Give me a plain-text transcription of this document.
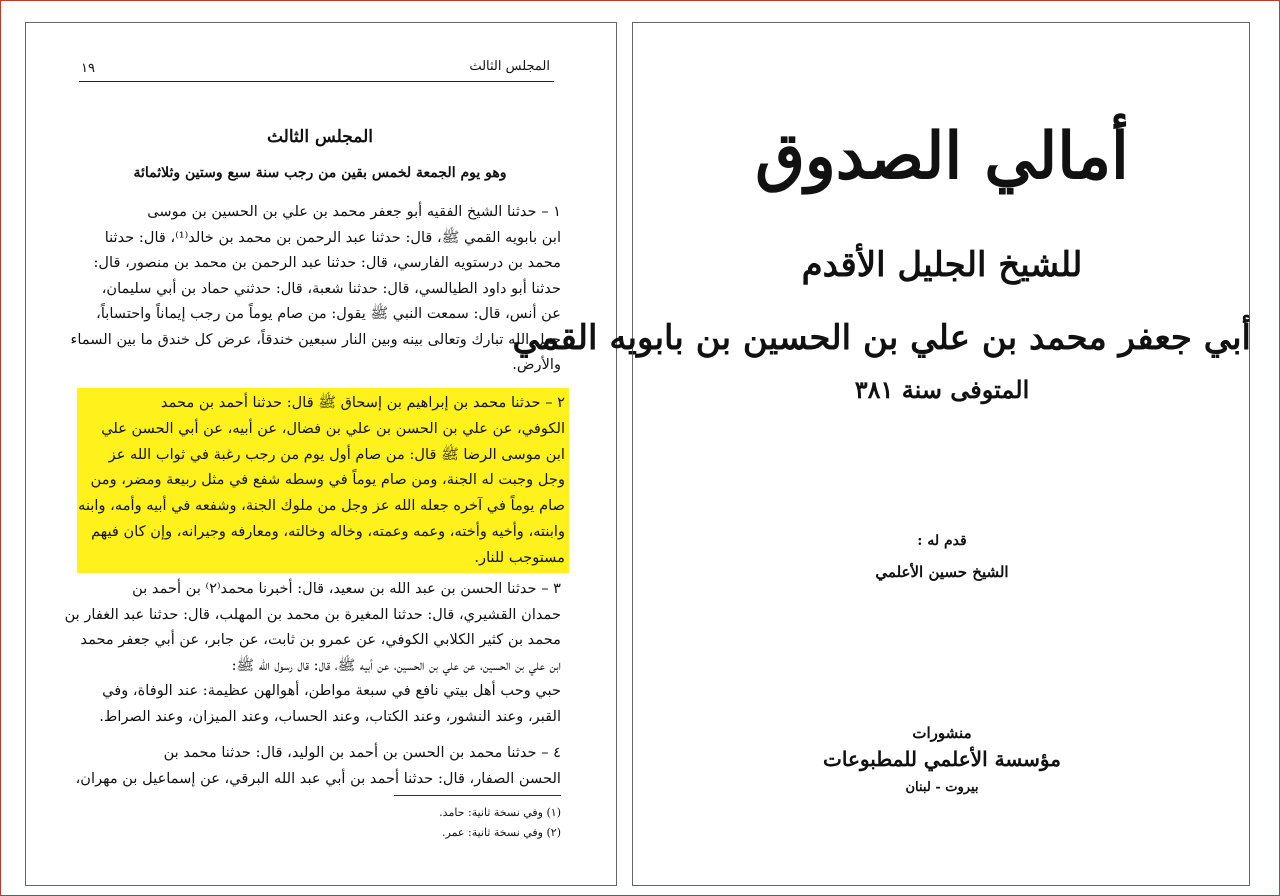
١٩	المجلس الثالث
المجلس الثالث
وهو يوم الجمعة لخمس بقين من رجب سنة سبع وستين وثلاثمائة
١ – حدثنا الشيخ الفقيه أبو جعفر محمد بن علي بن الحسين بن موسى
ابن بابويه القمي ﷺ، قال: حدثنا عبد الرحمن بن محمد بن خالد⁽¹⁾، قال: حدثنا
محمد بن درستويه الفارسي، قال: حدثنا عبد الرحمن بن محمد بن منصور، قال:
حدثنا أبو داود الطيالسي، قال: حدثنا شعبة، قال: حدثني حماد بن أبي سليمان،
عن أنس، قال: سمعت النبي ﷺ يقول: من صام يوماً من رجب إيماناً واحتساباً،
جعل الله تبارك وتعالى بينه وبين النار سبعين خندقاً، عرض كل خندق ما بين السماء
والأرض.
٢ – حدثنا محمد بن إبراهيم بن إسحاق ﷺ قال: حدثنا أحمد بن محمد
الكوفي، عن علي بن الحسن بن علي بن فضال، عن أبيه، عن أبي الحسن علي
ابن موسى الرضا ﷺ قال: من صام أول يوم من رجب رغبة في ثواب الله عز
وجل وجبت له الجنة، ومن صام يوماً في وسطه شفع في مثل ربيعة ومضر، ومن
صام يوماً في آخره جعله الله عز وجل من ملوك الجنة، وشفعه في أبيه وأمه، وابنه
وابنته، وأخيه وأخته، وعمه وعمته، وخاله وخالته، ومعارفه وجيرانه، وإن كان فيهم
مستوجب للنار.
٣ – حدثنا الحسن بن عبد الله بن سعيد، قال: أخبرنا محمد⁽٢⁾ بن أحمد بن
حمدان القشيري، قال: حدثنا المغيرة بن محمد بن المهلب، قال: حدثنا عبد الغفار بن
محمد بن كثير الكلابي الكوفي، عن عمرو بن ثابت، عن جابر، عن أبي جعفر محمد
ابن علي بن الحسين، عن علي بن الحسين، عن أبيه ﷺ، قال: قال رسول الله ﷺ:
حبي وحب أهل بيتي نافع في سبعة مواطن، أهوالهن عظيمة: عند الوفاة، وفي
القبر، وعند النشور، وعند الكتاب، وعند الحساب، وعند الميزان، وعند الصراط.
٤ – حدثنا محمد بن الحسن بن أحمد بن الوليد، قال: حدثنا محمد بن
الحسن الصفار، قال: حدثنا أحمد بن أبي عبد الله البرقي، عن إسماعيل بن مهران،
(١) وفي نسخة ثانية: حامد.
(٢) وفي نسخة ثانية: عمر.
أمالي الصدوق
للشيخ الجليل الأقدم
أبي جعفر محمد بن علي بن الحسين بن بابويه القمي
المتوفى سنة ٣٨١
قدم له :
الشيخ حسين الأعلمي
منشورات
مؤسسة الأعلمي للمطبوعات
بيروت - لبنان
